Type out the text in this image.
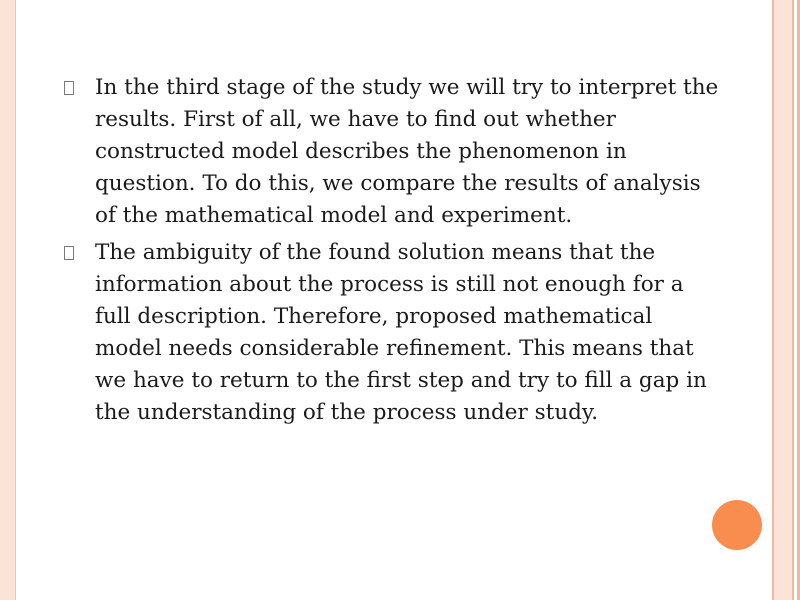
In the third stage of the study we will try to interpret the results. First of all, we have to find out whether constructed model describes the phenomenon in question. To do this, we compare the results of analysis of the mathematical model and experiment.
The ambiguity of the found solution means that the information about the process is still not enough for a full description. Therefore, proposed mathematical model needs considerable refinement. This means that we have to return to the first step and try to fill a gap in the understanding of the process under study.
